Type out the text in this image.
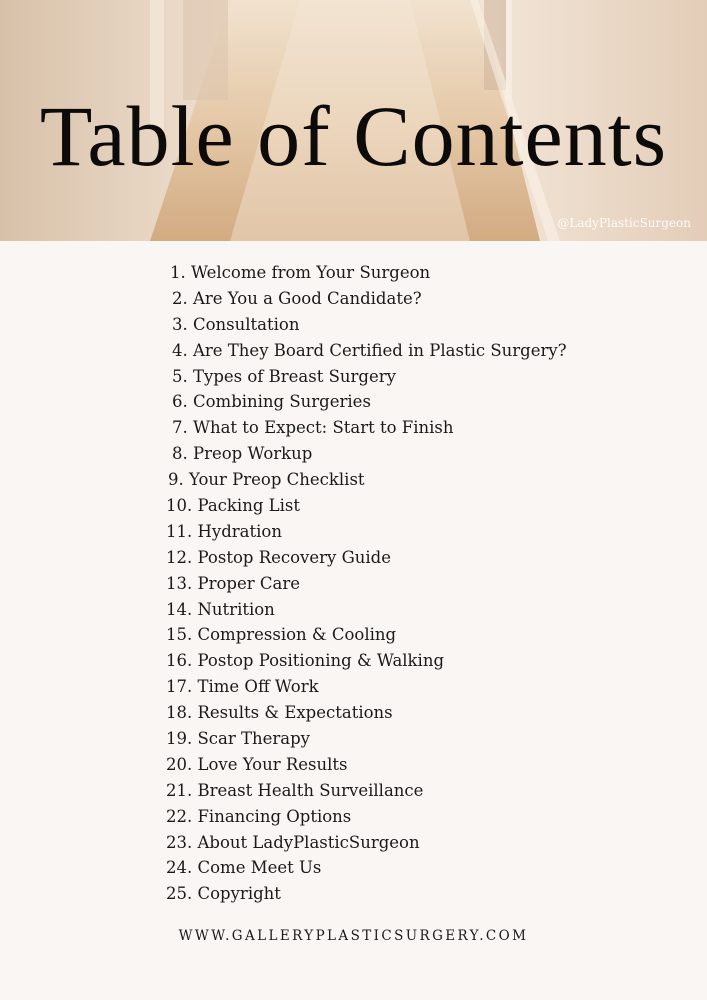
Table of Contents
@LadyPlasticSurgeon
1. Welcome from Your Surgeon
2. Are You a Good Candidate?
3. Consultation
4. Are They Board Certified in Plastic Surgery?
5. Types of Breast Surgery
6. Combining Surgeries
7. What to Expect: Start to Finish
8. Preop Workup
9. Your Preop Checklist
10. Packing List
11. Hydration
12. Postop Recovery Guide
13. Proper Care
14. Nutrition
15. Compression & Cooling
16. Postop Positioning & Walking
17. Time Off Work
18. Results & Expectations
19. Scar Therapy
20. Love Your Results
21. Breast Health Surveillance
22. Financing Options
23. About LadyPlasticSurgeon
24. Come Meet Us
25. Copyright
WWW.GALLERYPLASTICSURGERY.COM
